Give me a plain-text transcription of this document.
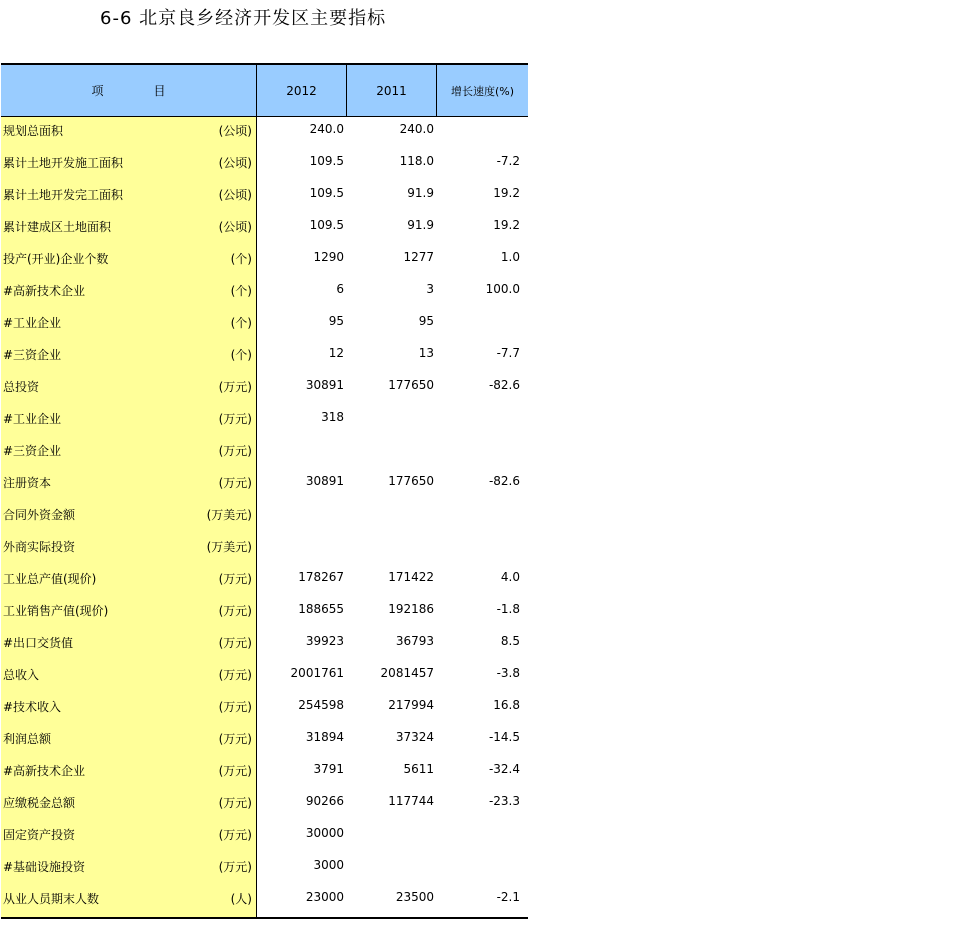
6-6 北京良乡经济开发区主要指标
项	目	2012	2011	增长速度(%)
规划总面积	(公顷)	240.0	240.0
累计土地开发施工面积	(公顷)	109.5	118.0	-7.2
累计土地开发完工面积	(公顷)	109.5	91.9	19.2
累计建成区土地面积	(公顷)	109.5	91.9	19.2
投产(开业)企业个数	(个)	1290	1277	1.0
#高新技术企业	(个)	6	3	100.0
#工业企业	(个)	95	95
#三资企业	(个)	12	13	-7.7
总投资	(万元)	30891	177650	-82.6
#工业企业	(万元)	318
#三资企业	(万元)
注册资本	(万元)	30891	177650	-82.6
合同外资金额	(万美元)
外商实际投资	(万美元)
工业总产值(现价)	(万元)	178267	171422	4.0
工业销售产值(现价)	(万元)	188655	192186	-1.8
#出口交货值	(万元)	39923	36793	8.5
总收入	(万元)	2001761	2081457	-3.8
#技术收入	(万元)	254598	217994	16.8
利润总额	(万元)	31894	37324	-14.5
#高新技术企业	(万元)	3791	5611	-32.4
应缴税金总额	(万元)	90266	117744	-23.3
固定资产投资	(万元)	30000
#基础设施投资	(万元)	3000
从业人员期末人数	(人)	23000	23500	-2.1
